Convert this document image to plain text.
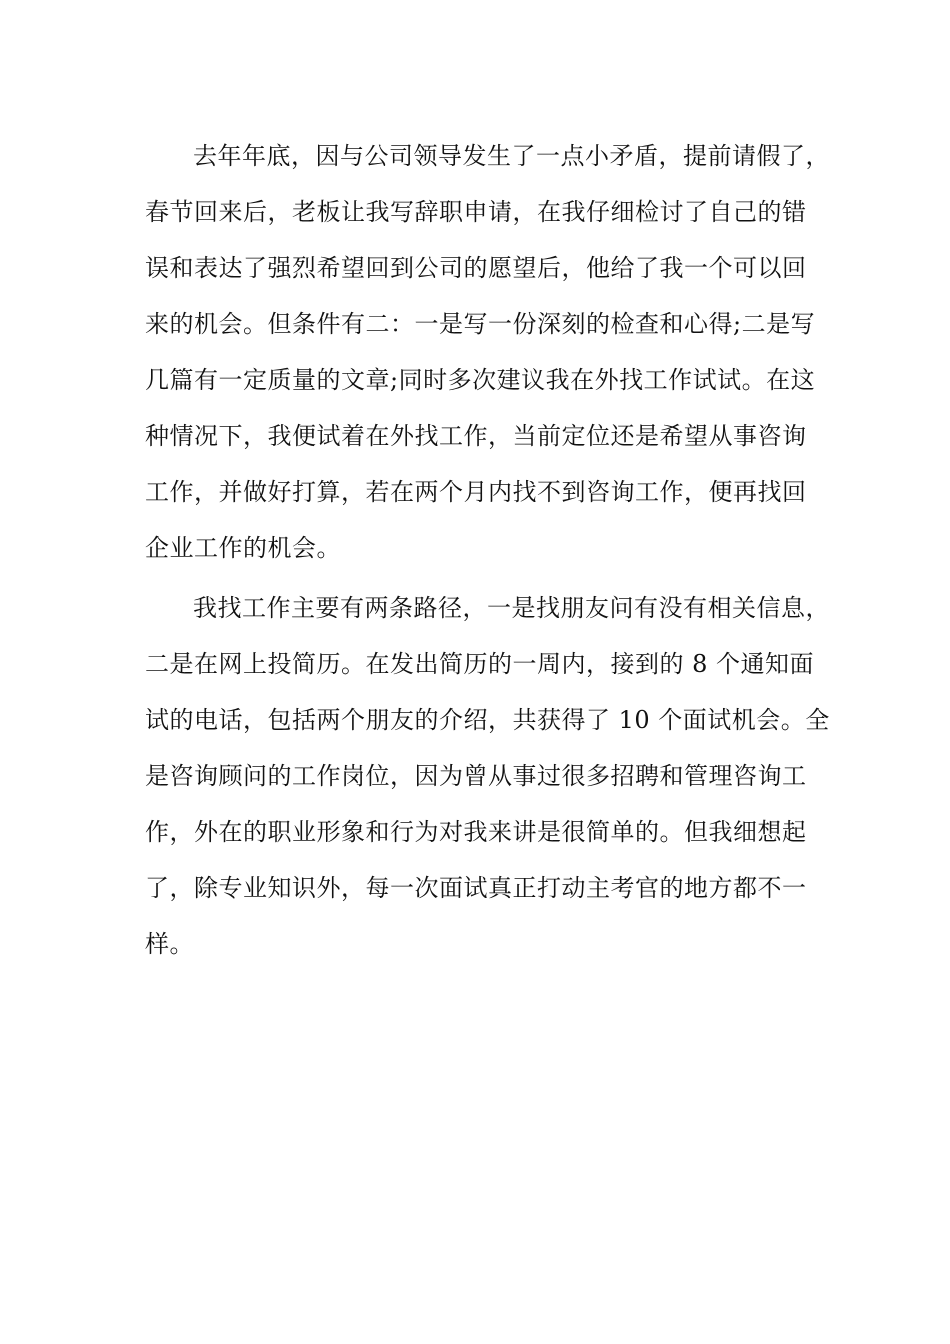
去年年底，因与公司领导发生了一点小矛盾，提前请假了，
春节回来后，老板让我写辞职申请，在我仔细检讨了自己的错
误和表达了强烈希望回到公司的愿望后，他给了我一个可以回
来的机会。但条件有二：一是写一份深刻的检查和心得;二是写
几篇有一定质量的文章;同时多次建议我在外找工作试试。在这
种情况下，我便试着在外找工作，当前定位还是希望从事咨询
工作，并做好打算，若在两个月内找不到咨询工作，便再找回
企业工作的机会。

我找工作主要有两条路径，一是找朋友问有没有相关信息，
二是在网上投简历。在发出简历的一周内，接到的 8 个通知面
试的电话，包括两个朋友的介绍，共获得了 10 个面试机会。全
是咨询顾问的工作岗位，因为曾从事过很多招聘和管理咨询工
作，外在的职业形象和行为对我来讲是很简单的。但我细想起
了，除专业知识外，每一次面试真正打动主考官的地方都不一
样。
